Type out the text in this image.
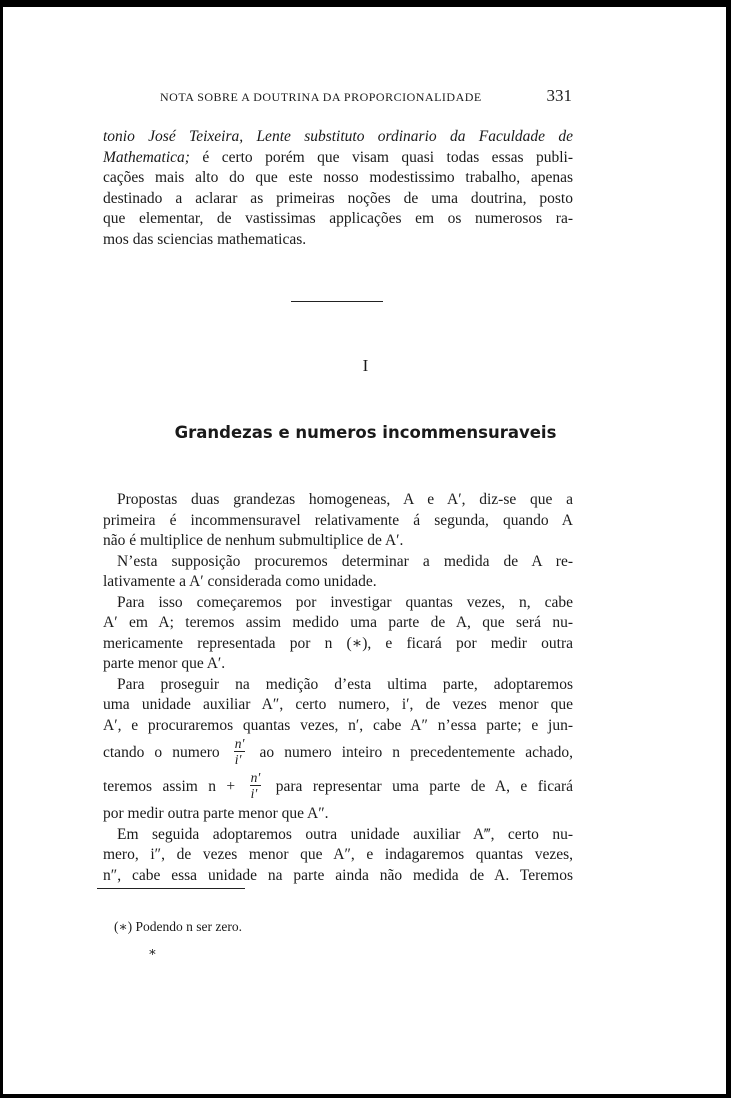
NOTA SOBRE A DOUTRINA DA PROPORCIONALIDADE	331
tonio José Teixeira, Lente substituto ordinario da Faculdade de
Mathematica; é certo porém que visam quasi todas essas publi-
cações mais alto do que este nosso modestissimo trabalho, apenas
destinado a aclarar as primeiras noções de uma doutrina, posto
que elementar, de vastissimas applicações em os numerosos ra-
mos das sciencias mathematicas.
I
Grandezas e numeros incommensuraveis
Propostas duas grandezas homogeneas, A e A′, diz-se que a
primeira é incommensuravel relativamente á segunda, quando A
não é multiplice de nenhum submultiplice de A′.
N’esta supposição procuremos determinar a medida de A re-
lativamente a A′ considerada como unidade.
Para isso começaremos por investigar quantas vezes, n, cabe
A′ em A; teremos assim medido uma parte de A, que será nu-
mericamente representada por n (∗), e ficará por medir outra
parte menor que A′.
Para proseguir na medição d’esta ultima parte, adoptaremos
uma unidade auxiliar A″, certo numero, i′, de vezes menor que
A′, e procuraremos quantas vezes, n′, cabe A″ n’essa parte; e jun-
ctando o numero $\frac{n'}{i'}$ ao numero inteiro n precedentemente achado,
teremos assim $n + \frac{n'}{i'}$ para representar uma parte de A, e ficará
por medir outra parte menor que A″.
Em seguida adoptaremos outra unidade auxiliar A‴, certo nu-
mero, i″, de vezes menor que A″, e indagaremos quantas vezes,
n″, cabe essa unidade na parte ainda não medida de A. Teremos
(∗) Podendo n ser zero.
∗
